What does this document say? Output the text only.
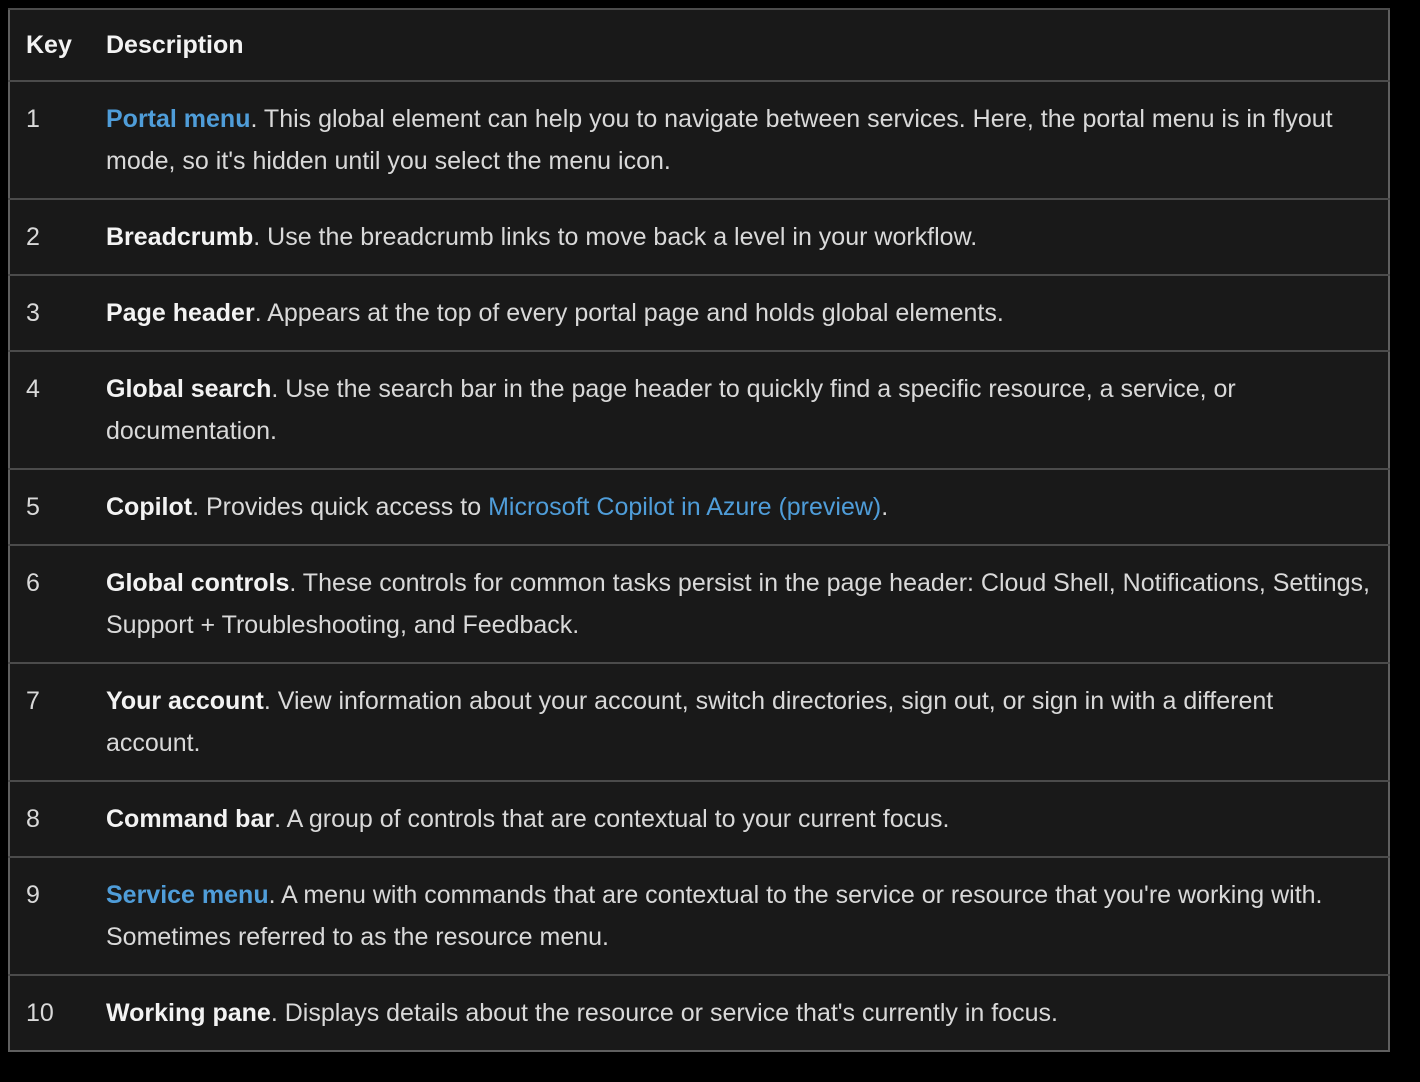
Key	Description
1	Portal menu. This global element can help you to navigate between services. Here, the portal menu is in flyout mode, so it's hidden until you select the menu icon.
2	Breadcrumb. Use the breadcrumb links to move back a level in your workflow.
3	Page header. Appears at the top of every portal page and holds global elements.
4	Global search. Use the search bar in the page header to quickly find a specific resource, a service, or documentation.
5	Copilot. Provides quick access to Microsoft Copilot in Azure (preview).
6	Global controls. These controls for common tasks persist in the page header: Cloud Shell, Notifications, Settings, Support + Troubleshooting, and Feedback.
7	Your account. View information about your account, switch directories, sign out, or sign in with a different account.
8	Command bar. A group of controls that are contextual to your current focus.
9	Service menu. A menu with commands that are contextual to the service or resource that you're working with. Sometimes referred to as the resource menu.
10	Working pane. Displays details about the resource or service that's currently in focus.
